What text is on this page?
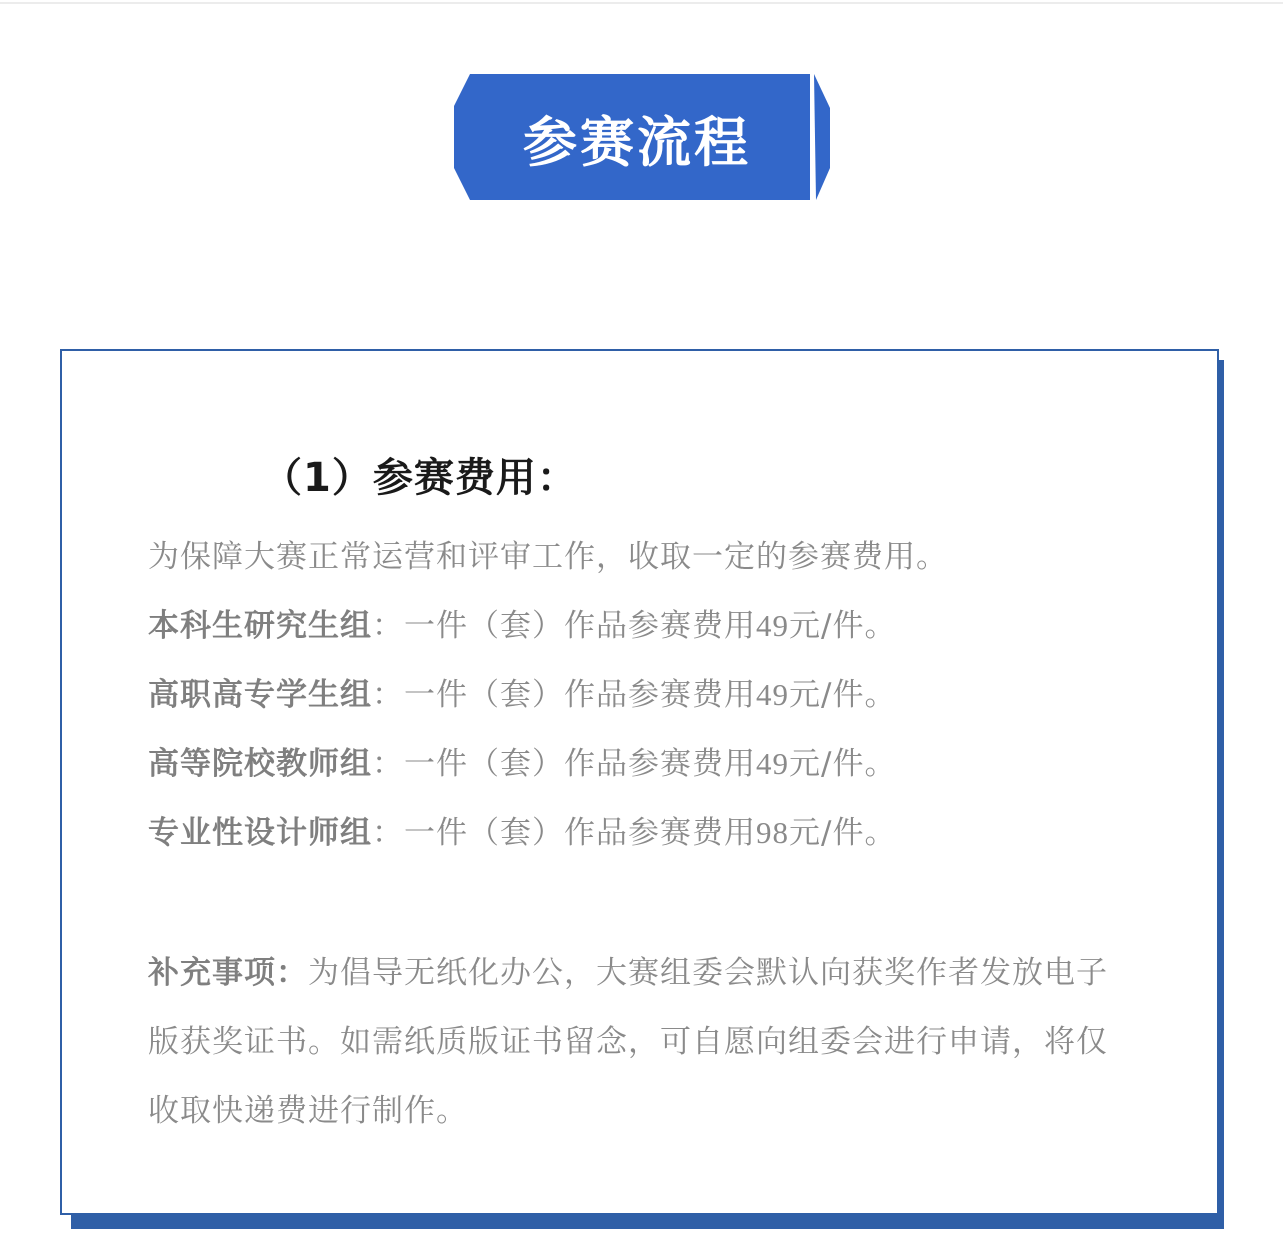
参赛流程
（1）参赛费用：
为保障大赛正常运营和评审工作，收取一定的参赛费用。
本科生研究生组：一件（套）作品参赛费用49元/件。
高职高专学生组：一件（套）作品参赛费用49元/件。
高等院校教师组：一件（套）作品参赛费用49元/件。
专业性设计师组：一件（套）作品参赛费用98元/件。
补充事项：为倡导无纸化办公，大赛组委会默认向获奖作者发放电子版获奖证书。如需纸质版证书留念，可自愿向组委会进行申请，将仅收取快递费进行制作。
